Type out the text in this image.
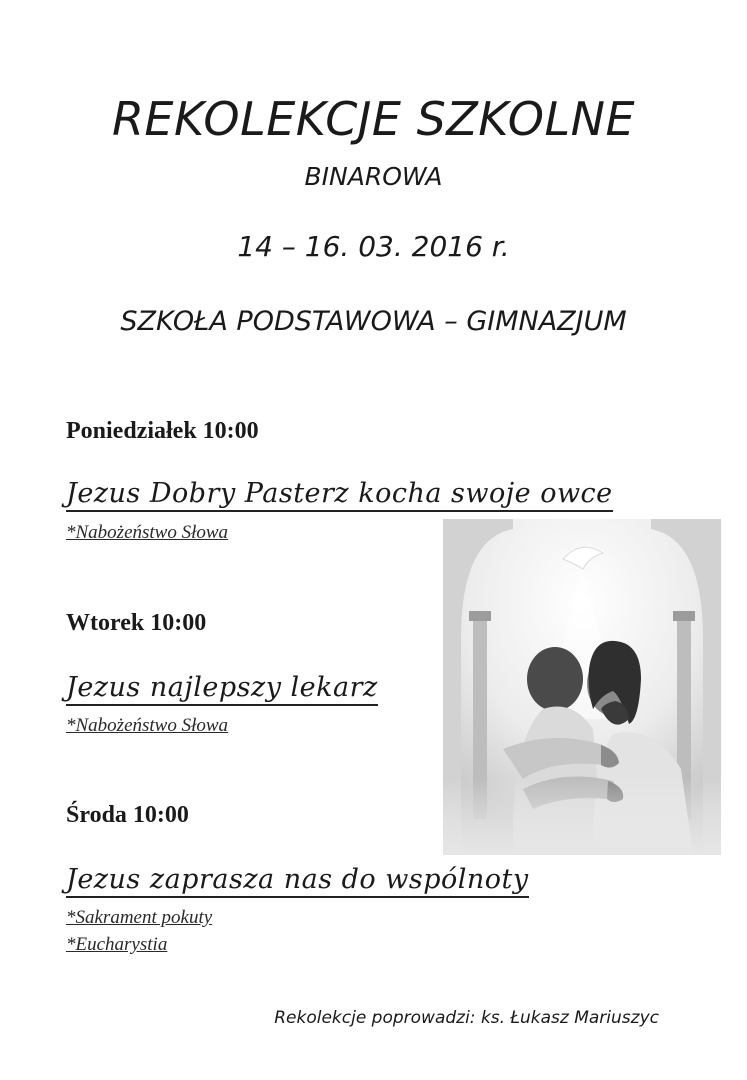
REKOLEKCJE SZKOLNE
BINAROWA
14 – 16. 03. 2016 r.
SZKOŁA PODSTAWOWA – GIMNAZJUM
Poniedziałek 10:00
Jezus Dobry Pasterz kocha swoje owce
*Nabożeństwo Słowa
Wtorek 10:00
Jezus najlepszy lekarz
*Nabożeństwo Słowa
Środa 10:00
Jezus zaprasza nas do wspólnoty
*Sakrament pokuty
*Eucharystia
Rekolekcje poprowadzi: ks. Łukasz Mariuszyc
